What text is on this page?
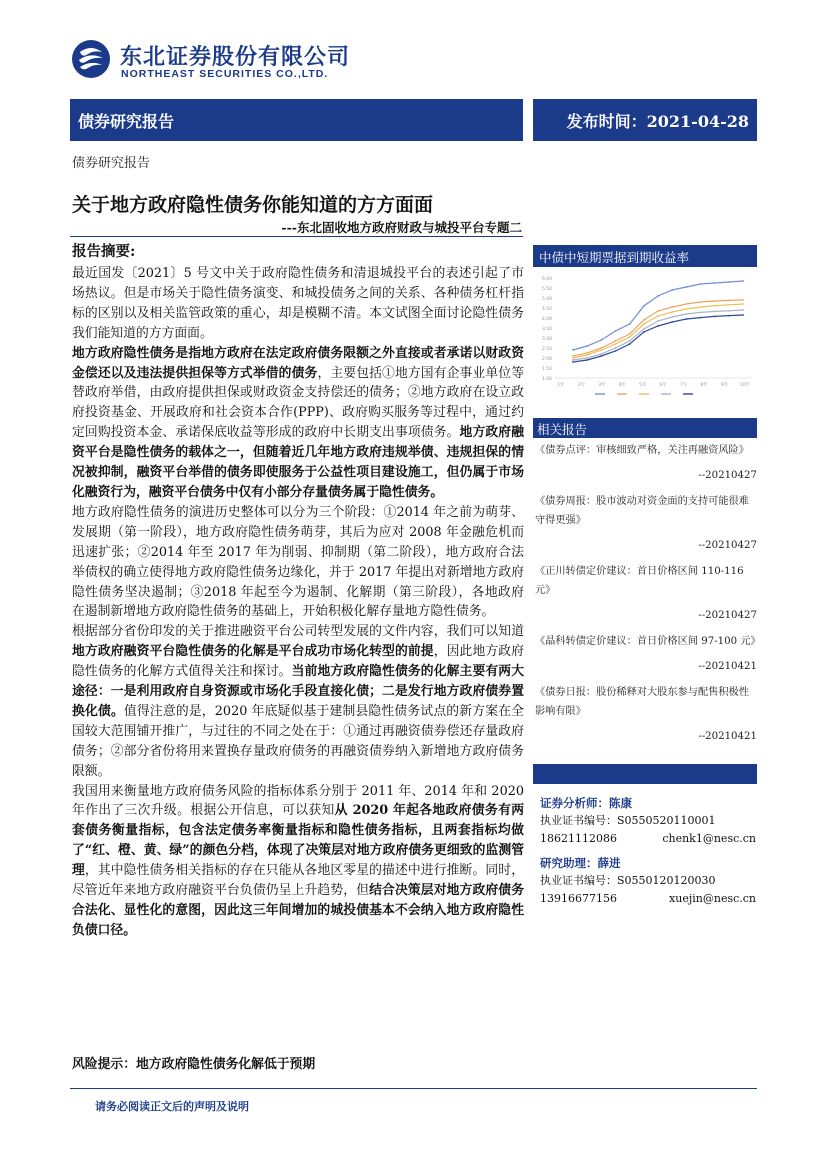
东北证券股份有限公司
NORTHEAST SECURITIES CO.,LTD.
债券研究报告	发布时间：2021-04-28
债券研究报告
关于地方政府隐性债务你能知道的方方面面
---东北固收地方政府财政与城投平台专题二
报告摘要:

最近国发〔2021〕5 号文中关于政府隐性债务和清退城投平台的表述引起了市场热议。但是市场关于隐性债务演变、和城投债务之间的关系、各种债务杠杆指标的区别以及相关监管政策的重心，却是模糊不清。本文试图全面讨论隐性债务我们能知道的方方面面。

地方政府隐性债务是指地方政府在法定政府债务限额之外直接或者承诺以财政资金偿还以及违法提供担保等方式举借的债务，主要包括①地方国有企事业单位等替政府举借，由政府提供担保或财政资金支持偿还的债务；②地方政府在设立政府投资基金、开展政府和社会资本合作(PPP)、政府购买服务等过程中，通过约定回购投资本金、承诺保底收益等形成的政府中长期支出事项债务。地方政府融资平台是隐性债务的载体之一，但随着近几年地方政府违规举债、违规担保的情况被抑制，融资平台举借的债务即使服务于公益性项目建设施工，但仍属于市场化融资行为，融资平台债务中仅有小部分存量债务属于隐性债务。

地方政府隐性债务的演进历史整体可以分为三个阶段：①2014 年之前为萌芽、发展期（第一阶段），地方政府隐性债务萌芽，其后为应对 2008 年金融危机而迅速扩张；②2014 年至 2017 年为削弱、抑制期（第二阶段），地方政府合法举债权的确立使得地方政府隐性债务边缘化，并于 2017 年提出对新增地方政府隐性债务坚决遏制；③2018 年起至今为遏制、化解期（第三阶段），各地政府在遏制新增地方政府隐性债务的基础上，开始积极化解存量地方隐性债务。

根据部分省份印发的关于推进融资平台公司转型发展的文件内容，我们可以知道地方政府融资平台隐性债务的化解是平台成功市场化转型的前提，因此地方政府隐性债务的化解方式值得关注和探讨。当前地方政府隐性债务的化解主要有两大途径：一是利用政府自身资源或市场化手段直接化债；二是发行地方政府债券置换化债。值得注意的是，2020 年底疑似基于建制县隐性债务试点的新方案在全国较大范围铺开推广，与过往的不同之处在于：①通过再融资债券偿还存量政府债务；②部分省份将用来置换存量政府债务的再融资债券纳入新增地方政府债务限额。

我国用来衡量地方政府债务风险的指标体系分别于 2011 年、2014 年和 2020 年作出了三次升级。根据公开信息，可以获知从 2020 年起各地政府债务有两套债务衡量指标，包含法定债务率衡量指标和隐性债务指标，且两套指标均做了“红、橙、黄、绿”的颜色分档，体现了决策层对地方政府债务更细致的监测管理，其中隐性债务相关指标的存在只能从各地区零星的描述中进行推断。同时，尽管近年来地方政府融资平台负债仍呈上升趋势，但结合决策层对地方政府债务合法化、显性化的意图，因此这三年间增加的城投债基本不会纳入地方政府隐性负债口径。

风险提示：地方政府隐性债务化解低于预期
请务必阅读正文后的声明及说明
中债中短期票据到期收益率
6.00
5.50
5.00
4.50
4.00
3.50
3.00
2.50
2.00
1.50
1.00
1年	2年	3年	4年	5年	6年	7年	8年	9年	10年
相关报告
《债券点评：审核细致严格，关注再融资风险》
--20210427
《债券周报：股市波动对资金面的支持可能很难守得更强》
--20210427
《正川转债定价建议：首日价格区间 110-116 元》
--20210427
《晶科转债定价建议：首日价格区间 97-100 元》
--20210421
《债券日报：股份稀释对大股东参与配售积极性影响有限》
--20210421
证券分析师：陈康
执业证书编号：S0550520110001
18621112086	chenk1@nesc.cn
研究助理：薛进
执业证书编号：S0550120120030
13916677156	xuejin@nesc.cn
